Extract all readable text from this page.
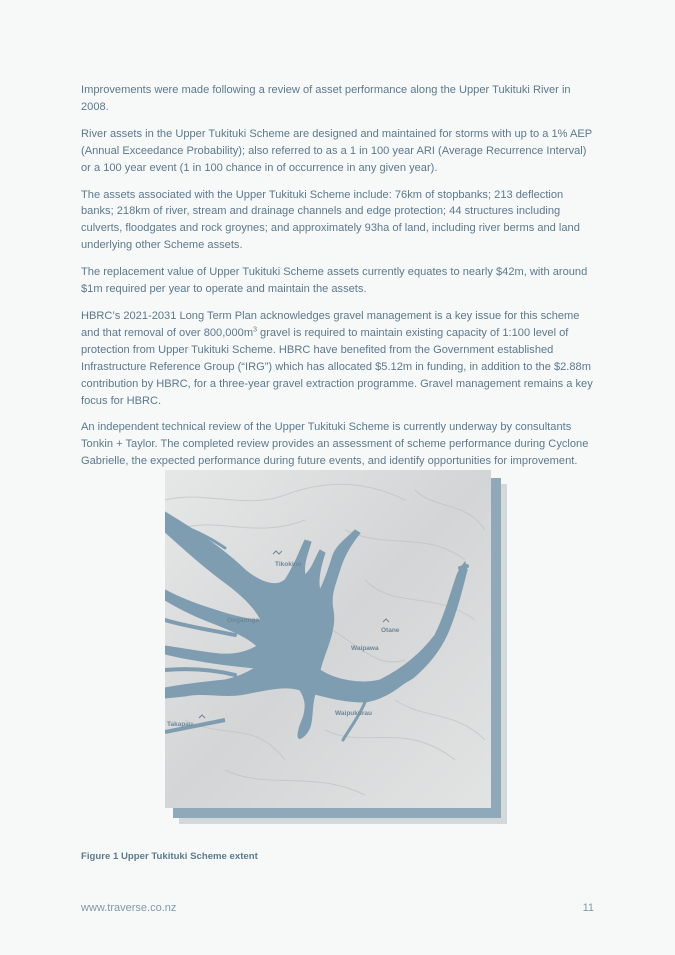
Improvements were made following a review of asset performance along the Upper Tukituki River in 2008.

River assets in the Upper Tukituki Scheme are designed and maintained for storms with up to a 1% AEP (Annual Exceedance Probability); also referred to as a 1 in 100 year ARI (Average Recurrence Interval) or a 100 year event (1 in 100 chance in of occurrence in any given year).

The assets associated with the Upper Tukituki Scheme include: 76km of stopbanks; 213 deflection banks; 218km of river, stream and drainage channels and edge protection; 44 structures including culverts, floodgates and rock groynes; and approximately 93ha of land, including river berms and land underlying other Scheme assets.

The replacement value of Upper Tukituki Scheme assets currently equates to nearly $42m, with around $1m required per year to operate and maintain the assets.

HBRC’s 2021-2031 Long Term Plan acknowledges gravel management is a key issue for this scheme and that removal of over $800,000m^3$ gravel is required to maintain existing capacity of 1:100 level of protection from Upper Tukituki Scheme. HBRC have benefited from the Government established Infrastructure Reference Group (“IRG”) which has allocated $5.12m in funding, in addition to the $2.88m contribution by HBRC, for a three-year gravel extraction programme. Gravel management remains a key focus for HBRC.

An independent technical review of the Upper Tukituki Scheme is currently underway by consultants Tonkin + Taylor. The completed review provides an assessment of scheme performance during Cyclone Gabrielle, the expected performance during future events, and identify opportunities for improvement.

Tikokino
Ongaonga
Otane
Waipawa
Waipukurau
Takapau
Figure 1 Upper Tukituki Scheme extent
www.traverse.co.nz	11
